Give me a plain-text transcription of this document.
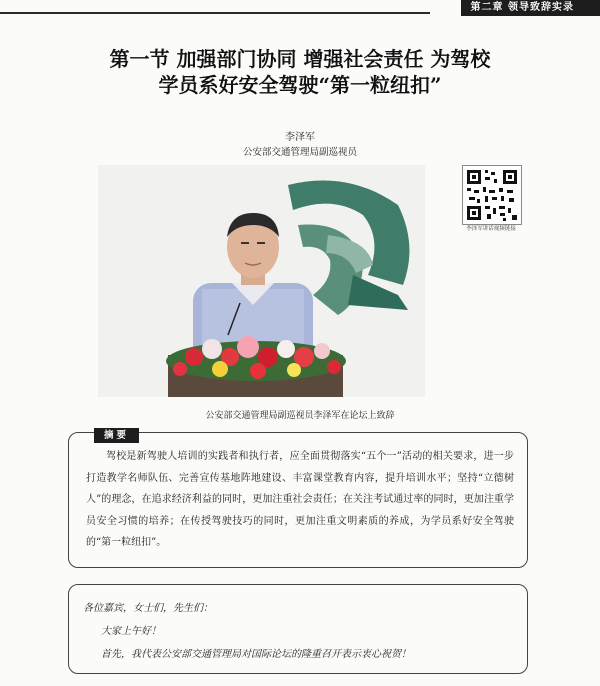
第二章 领导致辞实录
第一节 加强部门协同 增强社会责任 为驾校
学员系好安全驾驶“第一粒纽扣”
李泽军
公安部交通管理局副巡视员
李泽军讲话视频链接
公安部交通管理局副巡视员李泽军在论坛上致辞
摘要
驾校是新驾驶人培训的实践者和执行者，应全面贯彻落实“五个一”活动的相关要求，进一步打造教学名师队伍、完善宣传基地阵地建设、丰富课堂教育内容，提升培训水平；坚持“立德树人”的理念，在追求经济利益的同时，更加注重社会责任；在关注考试通过率的同时，更加注重学员安全习惯的培养；在传授驾驶技巧的同时，更加注重文明素质的养成，为学员系好安全驾驶的“第一粒纽扣”。
各位嘉宾，女士们，先生们：
大家上午好！
首先，我代表公安部交通管理局对国际论坛的隆重召开表示衷心祝贺！
